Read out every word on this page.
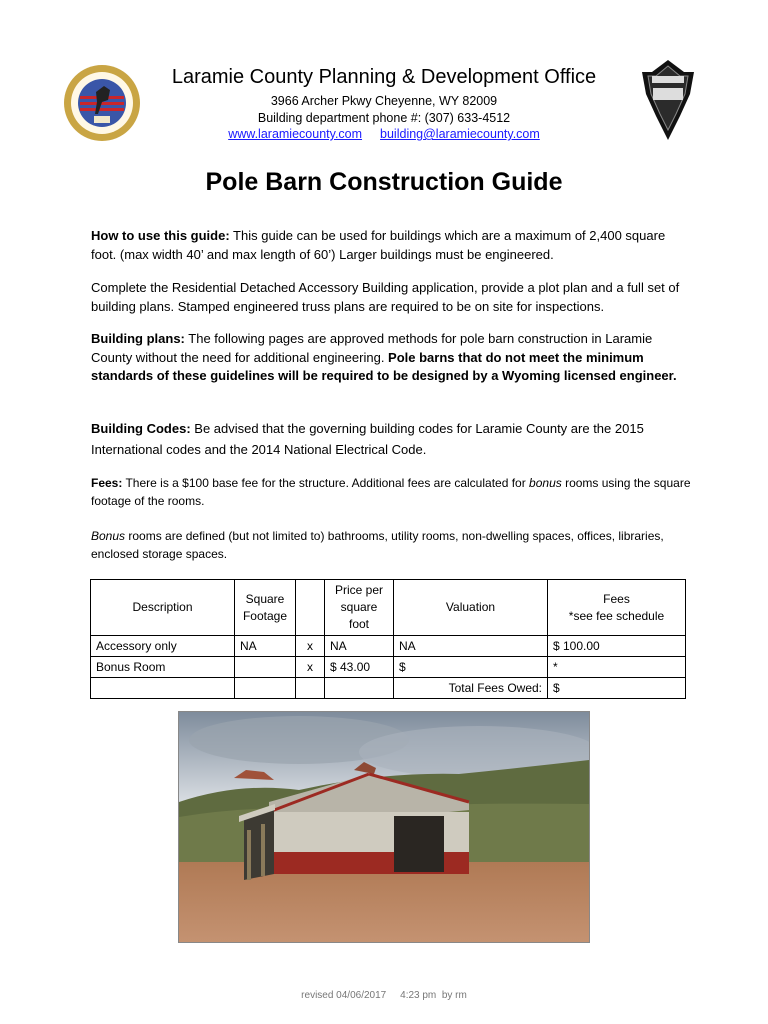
Laramie County Planning & Development Office
3966 Archer Pkwy Cheyenne, WY 82009
Building department phone #: (307) 633-4512
www.laramiecounty.com building@laramiecounty.com
Pole Barn Construction Guide
How to use this guide: This guide can be used for buildings which are a maximum of 2,400 square foot. (max width 40’ and max length of 60’) Larger buildings must be engineered.
Complete the Residential Detached Accessory Building application, provide a plot plan and a full set of building plans. Stamped engineered truss plans are required to be on site for inspections.
Building plans: The following pages are approved methods for pole barn construction in Laramie County without the need for additional engineering. Pole barns that do not meet the minimum standards of these guidelines will be required to be designed by a Wyoming licensed engineer.
Building Codes: Be advised that the governing building codes for Laramie County are the 2015 International codes and the 2014 National Electrical Code.
Fees: There is a $100 base fee for the structure. Additional fees are calculated for bonus rooms using the square footage of the rooms.
Bonus rooms are defined (but not limited to) bathrooms, utility rooms, non-dwelling spaces, offices, libraries, enclosed storage spaces.
Description	Square Footage		Price per square foot	Valuation	Fees
*see fee schedule
Accessory only	NA	x	NA	NA	$ 100.00
Bonus Room		x	$ 43.00	$	*
				Total Fees Owed:	$
revised 04/06/2017     4:23 pm  by rm
